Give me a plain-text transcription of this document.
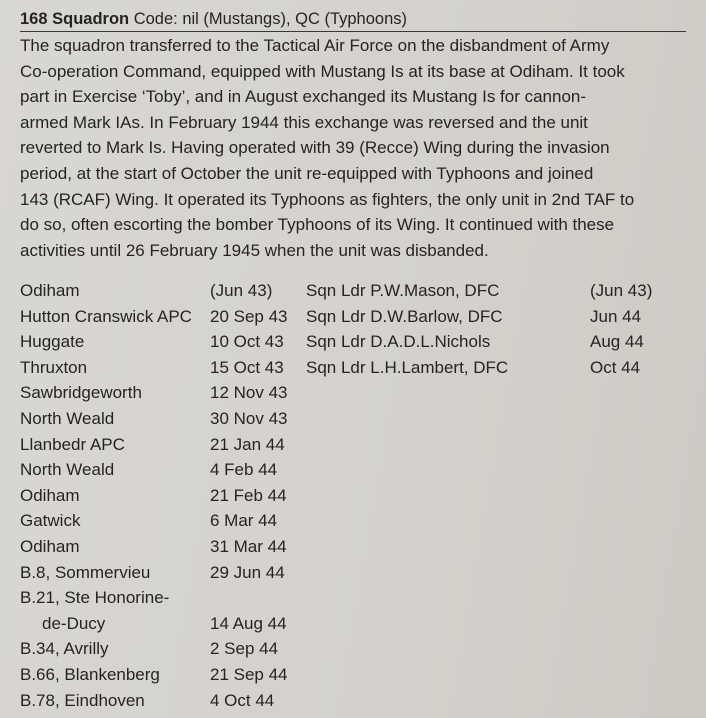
168 Squadron Code: nil (Mustangs), QC (Typhoons)
The squadron transferred to the Tactical Air Force on the disbandment of Army
Co-operation Command, equipped with Mustang Is at its base at Odiham. It took
part in Exercise ‘Toby’, and in August exchanged its Mustang Is for cannon-
armed Mark IAs. In February 1944 this exchange was reversed and the unit
reverted to Mark Is. Having operated with 39 (Recce) Wing during the invasion
period, at the start of October the unit re-equipped with Typhoons and joined
143 (RCAF) Wing. It operated its Typhoons as fighters, the only unit in 2nd TAF to
do so, often escorting the bomber Typhoons of its Wing. It continued with these
activities until 26 February 1945 when the unit was disbanded.
Odiham	(Jun 43)
Hutton Cranswick APC 20 Sep 43
Huggate	10 Oct 43
Thruxton	15 Oct 43
Sawbridgeworth	12 Nov 43
North Weald	30 Nov 43
Llanbedr APC	21 Jan 44
North Weald	4 Feb 44
Odiham	21 Feb 44
Gatwick	6 Mar 44
Odiham	31 Mar 44
B.8, Sommervieu	29 Jun 44
B.21, Ste Honorine-
de-Ducy	14 Aug 44
B.34, Avrilly	2 Sep 44
B.66, Blankenberg	21 Sep 44
B.78, Eindhoven	4 Oct 44
Sqn Ldr P.W.Mason, DFC	(Jun 43)
Sqn Ldr D.W.Barlow, DFC	Jun 44
Sqn Ldr D.A.D.L.Nichols	Aug 44
Sqn Ldr L.H.Lambert, DFC	Oct 44
